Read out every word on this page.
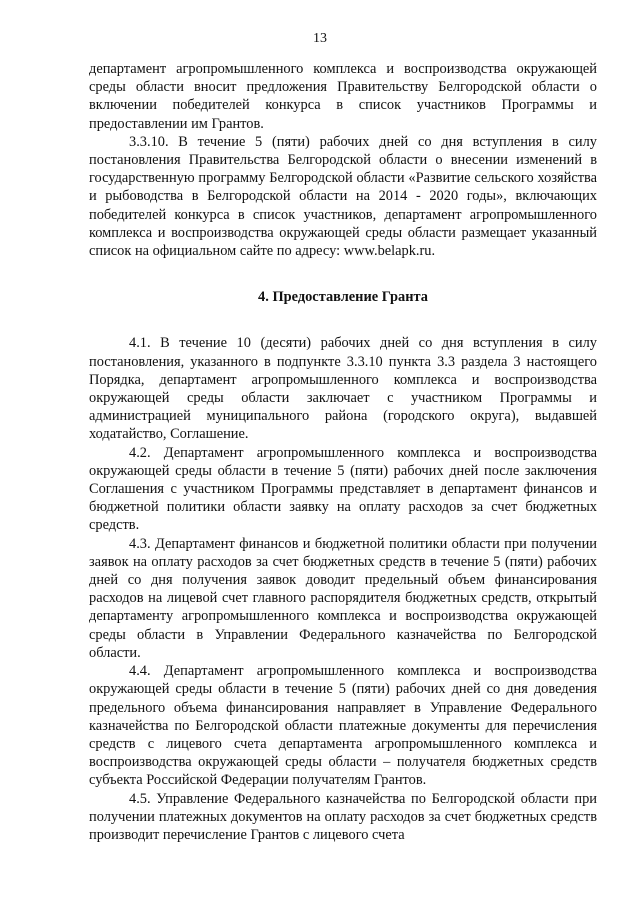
13

департамент агропромышленного комплекса и воспроизводства окружающей среды области вносит предложения Правительству Белгородской области о включении победителей конкурса в список участников Программы и предоставлении им Грантов.

3.3.10. В течение 5 (пяти) рабочих дней со дня вступления в силу постановления Правительства Белгородской области о внесении изменений в государственную программу Белгородской области «Развитие сельского хозяйства и рыбоводства в Белгородской области на 2014 - 2020 годы», включающих победителей конкурса в список участников, департамент агропромышленного комплекса и воспроизводства окружающей среды области размещает указанный список на официальном сайте по адресу: www.belapk.ru.

4. Предоставление Гранта

4.1. В течение 10 (десяти) рабочих дней со дня вступления в силу постановления, указанного в подпункте 3.3.10 пункта 3.3 раздела 3 настоящего Порядка, департамент агропромышленного комплекса и воспроизводства окружающей среды области заключает с участником Программы и администрацией муниципального района (городского округа), выдавшей ходатайство, Соглашение.

4.2. Департамент агропромышленного комплекса и воспроизводства окружающей среды области в течение 5 (пяти) рабочих дней после заключения Соглашения с участником Программы представляет в департамент финансов и бюджетной политики области заявку на оплату расходов за счет бюджетных средств.

4.3. Департамент финансов и бюджетной политики области при получении заявок на оплату расходов за счет бюджетных средств в течение 5 (пяти) рабочих дней со дня получения заявок доводит предельный объем финансирования расходов на лицевой счет главного распорядителя бюджетных средств, открытый департаменту агропромышленного комплекса и воспроизводства окружающей среды области в Управлении Федерального казначейства по Белгородской области.

4.4. Департамент агропромышленного комплекса и воспроизводства окружающей среды области в течение 5 (пяти) рабочих дней со дня доведения предельного объема финансирования направляет в Управление Федерального казначейства по Белгородской области платежные документы для перечисления средств с лицевого счета департамента агропромышленного комплекса и воспроизводства окружающей среды области – получателя бюджетных средств субъекта Российской Федерации получателям Грантов.

4.5. Управление Федерального казначейства по Белгородской области при получении платежных документов на оплату расходов за счет бюджетных средств производит перечисление Грантов с лицевого счета
